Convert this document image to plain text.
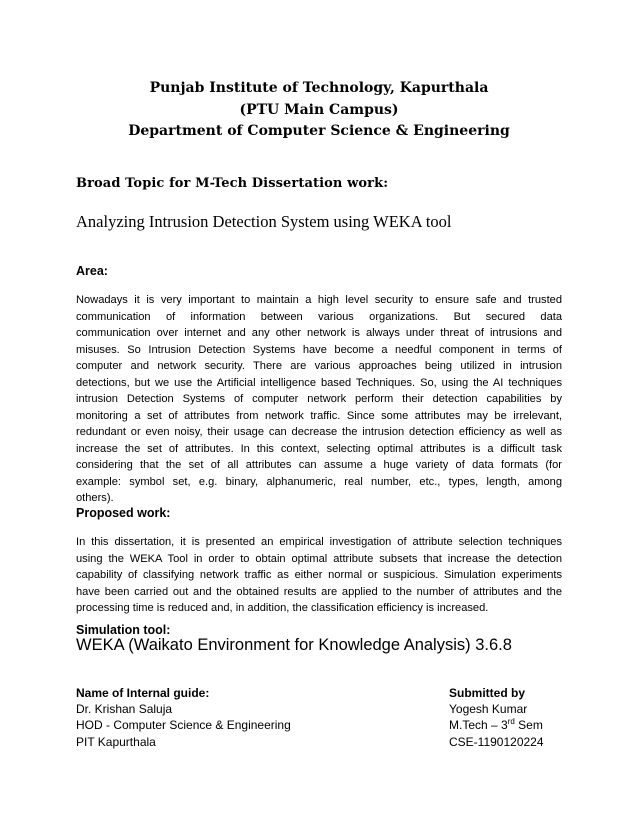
Punjab Institute of Technology, Kapurthala
(PTU Main Campus)
Department of Computer Science & Engineering
Broad Topic for M-Tech Dissertation work:
Analyzing Intrusion Detection System using WEKA tool
Area:
Nowadays it is very important to maintain a high level security to ensure safe and trusted
communication of information between various organizations. But secured data
communication over internet and any other network is always under threat of intrusions and
misuses. So Intrusion Detection Systems have become a needful component in terms of
computer and network security. There are various approaches being utilized in intrusion
detections, but we use the Artificial intelligence based Techniques. So, using the AI techniques
intrusion Detection Systems of computer network perform their detection capabilities by
monitoring a set of attributes from network traffic. Since some attributes may be irrelevant,
redundant or even noisy, their usage can decrease the intrusion detection efficiency as well as
increase the set of attributes. In this context, selecting optimal attributes is a difficult task
considering that the set of all attributes can assume a huge variety of data formats (for
example: symbol set, e.g. binary, alphanumeric, real number, etc., types, length, among
others).
Proposed work:
In this dissertation, it is presented an empirical investigation of attribute selection techniques
using the WEKA Tool in order to obtain optimal attribute subsets that increase the detection
capability of classifying network traffic as either normal or suspicious. Simulation experiments
have been carried out and the obtained results are applied to the number of attributes and the
processing time is reduced and, in addition, the classification efficiency is increased.
Simulation tool:
WEKA (Waikato Environment for Knowledge Analysis) 3.6.8
Name of Internal guide:
Dr. Krishan Saluja
HOD - Computer Science & Engineering
PIT Kapurthala
Submitted by
Yogesh Kumar
M.Tech – 3rd Sem
CSE-1190120224
